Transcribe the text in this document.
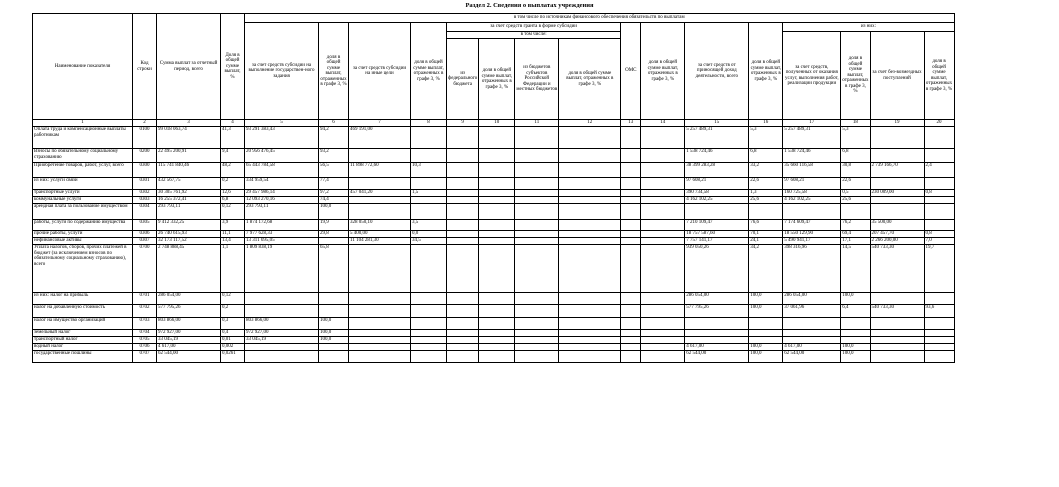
Раздел 2. Сведения о выплатах учреждения
Наименование показателя	Код строки	Сумма выплат за отчетный период, всего	Доля в общей сумме выплат, %	в том числе по источникам финансового обеспечения обязательств по выплатам															
				за счет средств субсидии на выполнение государствен-ного задания	доля в общей сумме выплат, отраженных в графе 3, %	за счет средств субсидии на иные цели	доля в общей сумме выплат, отраженных в графе 3, %	за счет средств гранта в форме субсидии				ОМС	доля в общей сумме выплат, отраженных в графе 3, %	за счет средств от приносящей доход деятельности, всего	доля в общей сумме выплат, отраженных в графе 3, %	из них:			
								в том числе:								за счет средств, полученных от оказания услуг, выполнения работ, реализации продукции	доля в общей сумме выплат, отраженных в графе 3, %	за счет без-возмездных поступлений	доля в общей сумме выплат, отраженных в графе 3, %
								из федерального бюджета	доля в общей сумме выплат, отраженных в графе 3, %	из бюджетов субъектов Российской Федерации и местных бюджетов	доля в общей сумме выплат, отраженных в графе 3, %								
1	2	3	4	5	6	7	8	9	10	11	12	13	14	15	16	17	18	19	20
Оплата труда и компенсационные выплаты работникам	0100	99 018 063,74	41,3	93 291 383,43	94,2	469 191,00								5 257 489,31	5,3	5 257 489,31	5,3		
Взносы по обязательному социальному страхованию	0200	22 495 200,91	9,4	20 956 476,45	93,2									1 538 724,46	6,8	1 538 724,46	6,8		
Приобретение товаров, работ, услуг, всего	0300	115 741 840,46	48,2	65 443 784,58	56,5	11 898 772,60	10,3							38 399 283,28	33,2	35 660 116,58	30,8	2 739 166,70	2,4
из них: услуги связи	0301	432 567,75	0,2	334 959,54	77,4									97 608,21	22,6	97 608,21	22,6		
транспортные услуги	0302	30 305 761,92	12,6	29 457 986,14	97,2	457 041,20	1,5							390 734,58	1,3	160 725,58	0,5	230 009,00	0,8
коммунальные услуги	0303	16 255 372,41	6,8	12 093 270,16	74,4									4 162 102,25	25,6	4 162 102,25	25,6		
арендная плата за пользование имуществом	0304	293 793,11	0,12	293 793,11	100,0														
работы, услуги по содержанию имущества	0305	9 412 332,25	3,9	1 874 172,68	19,9	328 050,10	3,5							7 210 109,47	76,6	7 174 609,47	76,2	35 500,00	
прочие работы, услуги	0306	26 740 615,93	11,1	7 977 628,33	29,8	5 400,00	0,0							18 757 587,60	70,1	18 550 129,90	69,4	207 457,70	0,8
нефинансовые активы	0307	32 173 117,52	13,4	13 311 695,05		11 104 281,30	34,5							7 757 141,17	24,1	5 490 941,17	17,1	2 266 200,00	7,0
Уплата налогов, сборов, прочих платежей в бюджет (за исключением взносов по обязательному социальному страхованию), всего	0700	2 748 888,45	1,1	1 809 838,19	65,8									939 050,26	34,2	398 316,96	14,5	540 733,30	19,7
из них: налог на прибыль	0701	286 054,00	0,12											286 054,00	100,0	286 054,00	100,0		
налог на добавленную стоимость	0702	577 795,26	0,2											577 795,26	100,0	37 061,96	6,4	540 733,30	93,6
налог на имущество организаций	0703	803 866,00	0,3	803 866,00	100,0														
земельный налог	0704	972 927,00	0,4	972 927,00	100,0														
транспортный налог	0705	33 045,19	0,01	33 045,19	100,0														
водный налог	0706	4 617,00	0,002											4 617,00	100,0	4 617,00	100,0		
государственные пошлины	0707	62 544,00	0,0261											62 544,00	100,0	62 544,00	100,0		
